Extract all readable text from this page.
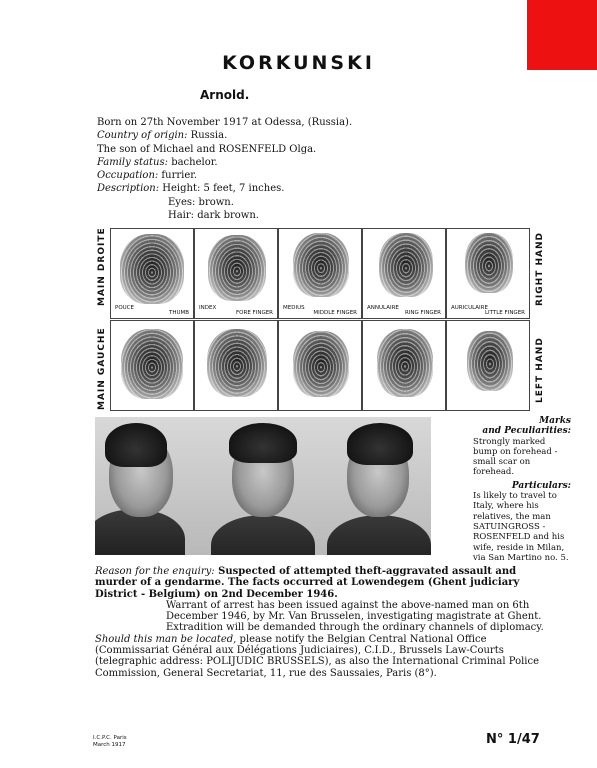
KORKUNSKI
Arnold.
Born on 27th November 1917 at Odessa, (Russia).
Country of origin: Russia.
The son of Michael and ROSENFELD Olga.
Family status: bachelor.
Occupation: furrier.
Description: Height: 5 feet, 7 inches.
Eyes: brown.
Hair: dark brown.
MAIN DROITE
MAIN GAUCHE
RIGHT HAND
LEFT HAND
POUCE
THUMB
INDEX
FORE FINGER
MEDIUS
MIDDLE FINGER
ANNULAIRE
RING FINGER
AURICULAIRE
LITTLE FINGER
Marks
and Peculiarities:
Strongly marked bump on forehead - small scar on forehead.
Particulars:
Is likely to travel to Italy, where his relatives, the man SATUINGROSS - ROSENFELD and his wife, reside in Milan, via San Martino no. 5.
Reason for the enquiry: Suspected of attempted theft-aggravated assault and murder of a gendarme. The facts occurred at Lowendegem (Ghent judiciary District - Belgium) on 2nd December 1946.
Warrant of arrest has been issued against the above-named man on 6th December 1946, by Mr. Van Brusselen, investigating magistrate at Ghent.
Extradition will be demanded through the ordinary channels of diplomacy.
Should this man be located, please notify the Belgian Central National Office (Commissariat Général aux Délégations Judiciaires), C.I.D., Brussels Law-Courts (telegraphic address: POLIJUDIC BRUSSELS), as also the International Criminal Police Commission, General Secretariat, 11, rue des Saussaies, Paris (8°).
I.C.P.C. Paris
March 1917	N° 1/47
